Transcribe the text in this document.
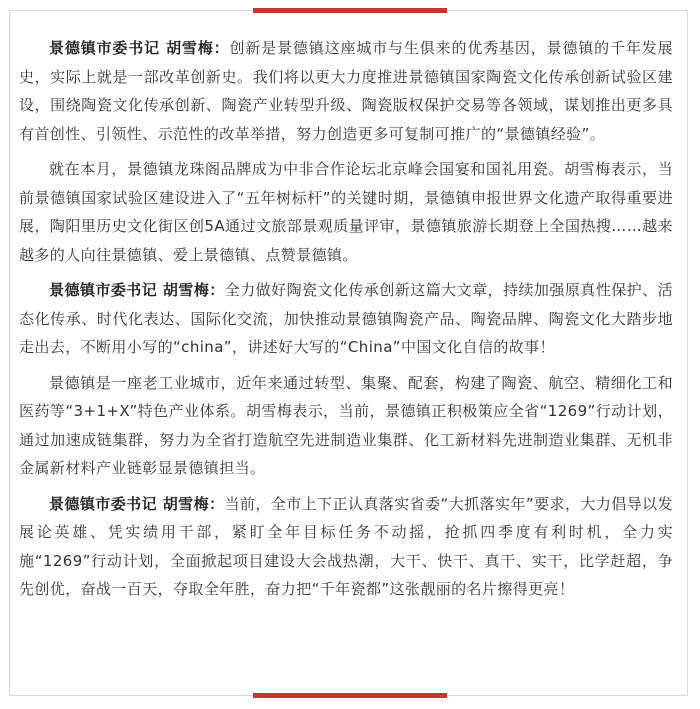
景德镇市委书记 胡雪梅：创新是景德镇这座城市与生俱来的优秀基因，景德镇的千年发展史，实际上就是一部改革创新史。我们将以更大力度推进景德镇国家陶瓷文化传承创新试验区建设，围绕陶瓷文化传承创新、陶瓷产业转型升级、陶瓷版权保护交易等各领域，谋划推出更多具有首创性、引领性、示范性的改革举措，努力创造更多可复制可推广的“景德镇经验”。

就在本月，景德镇龙珠阁品牌成为中非合作论坛北京峰会国宴和国礼用瓷。胡雪梅表示，当前景德镇国家试验区建设进入了“五年树标杆”的关键时期，景德镇申报世界文化遗产取得重要进展，陶阳里历史文化街区创5A通过文旅部景观质量评审，景德镇旅游长期登上全国热搜……越来越多的人向往景德镇、爱上景德镇、点赞景德镇。

景德镇市委书记 胡雪梅：全力做好陶瓷文化传承创新这篇大文章，持续加强原真性保护、活态化传承、时代化表达、国际化交流，加快推动景德镇陶瓷产品、陶瓷品牌、陶瓷文化大踏步地走出去，不断用小写的“china”，讲述好大写的“China”中国文化自信的故事！

景德镇是一座老工业城市，近年来通过转型、集聚、配套，构建了陶瓷、航空、精细化工和医药等“3+1+X”特色产业体系。胡雪梅表示，当前，景德镇正积极策应全省“1269”行动计划，通过加速成链集群，努力为全省打造航空先进制造业集群、化工新材料先进制造业集群、无机非金属新材料产业链彰显景德镇担当。

景德镇市委书记 胡雪梅：当前，全市上下正认真落实省委“大抓落实年”要求，大力倡导以发展论英雄、凭实绩用干部，紧盯全年目标任务不动摇，抢抓四季度有利时机，全力实施“1269”行动计划，全面掀起项目建设大会战热潮，大干、快干、真干、实干，比学赶超，争先创优，奋战一百天，夺取全年胜，奋力把“千年瓷都”这张靓丽的名片擦得更亮！
